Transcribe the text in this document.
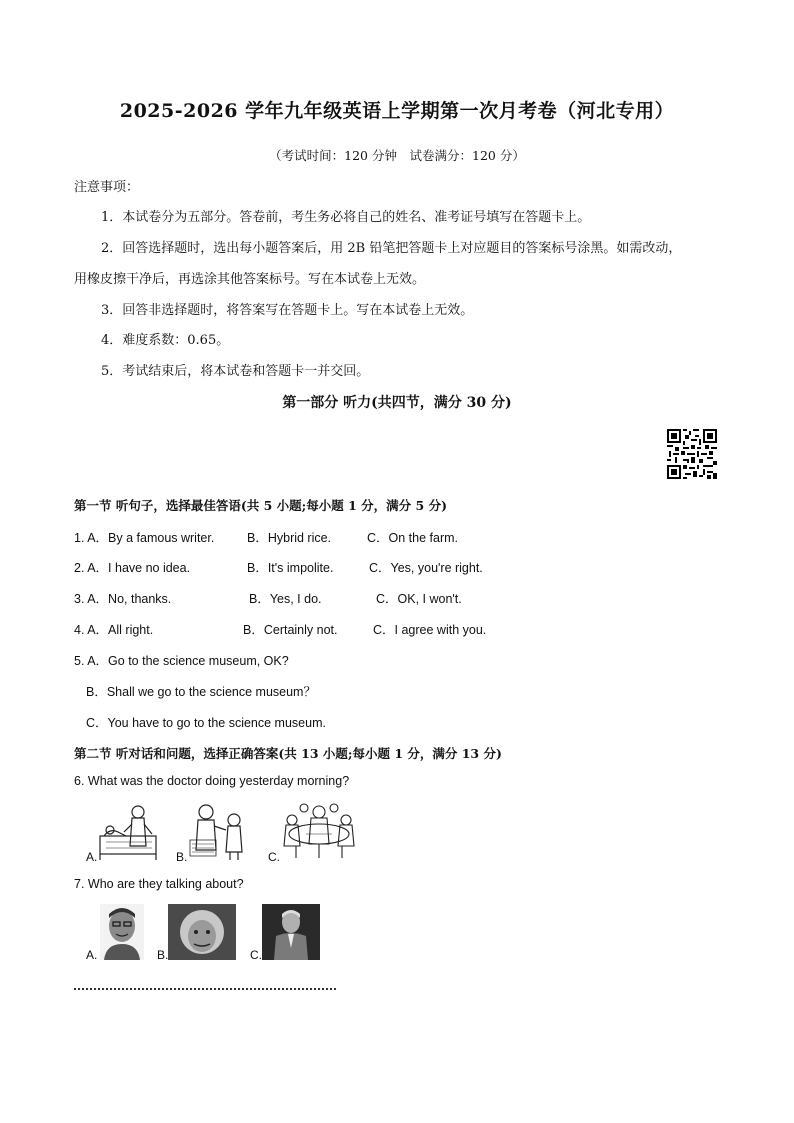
2025-2026 学年九年级英语上学期第一次月考卷（河北专用）
（考试时间：120 分钟　试卷满分：120 分）
注意事项：
1．本试卷分为五部分。答卷前，考生务必将自己的姓名、准考证号填写在答题卡上。
2．回答选择题时，选出每小题答案后，用 2B 铅笔把答题卡上对应题目的答案标号涂黑。如需改动，
用橡皮擦干净后，再选涂其他答案标号。写在本试卷上无效。
3．回答非选择题时，将答案写在答题卡上。写在本试卷上无效。
4．难度系数：0.65。
5．考试结束后，将本试卷和答题卡一并交回。
第一部分 听力(共四节，满分 30 分)
第一节 听句子，选择最佳答语(共 5 小题;每小题 1 分，满分 5 分)
1. A．By a famous writer.	B．Hybrid rice.	C．On the farm.
2. A．I have no idea.	B．It's impolite.	C．Yes, you're right.
3. A．No, thanks.	B．Yes, I do.	C．OK, I won't.
4. A．All right.	B．Certainly not.	C．I agree with you.
5. A．Go to the science museum, OK?
B．Shall we go to the science museum？
C．You have to go to the science museum.
第二节 听对话和问题，选择正确答案(共 13 小题;每小题 1 分，满分 13 分)
6. What was the doctor doing yesterday morning?
A.	B.	C.
7. Who are they talking about?
A.	B.	C.
